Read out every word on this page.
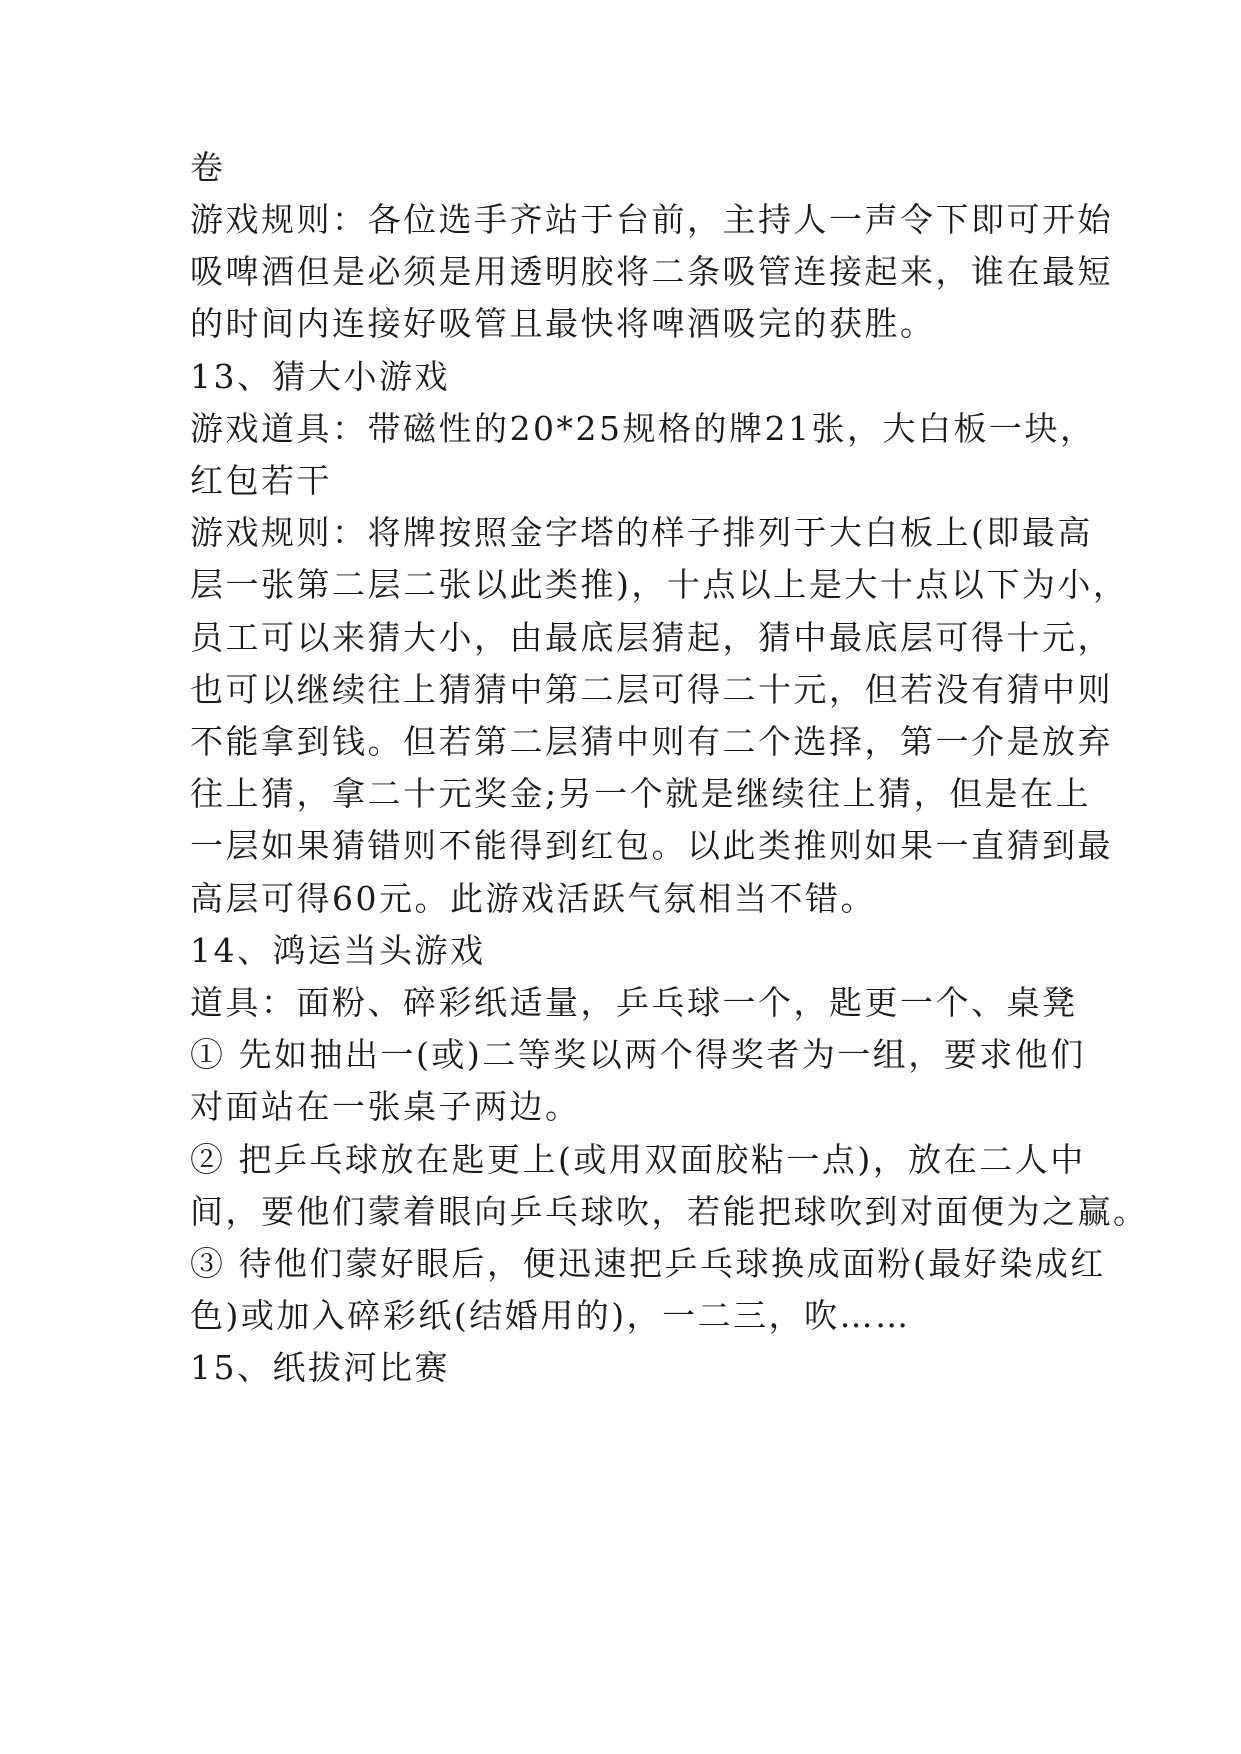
卷
游戏规则：各位选手齐站于台前，主持人一声令下即可开始
吸啤酒但是必须是用透明胶将二条吸管连接起来，谁在最短
的时间内连接好吸管且最快将啤酒吸完的获胜。
13、猜大小游戏
游戏道具：带磁性的20*25规格的牌21张，大白板一块，
红包若干
游戏规则：将牌按照金字塔的样子排列于大白板上(即最高
层一张第二层二张以此类推)，十点以上是大十点以下为小，
员工可以来猜大小，由最底层猜起，猜中最底层可得十元，
也可以继续往上猜猜中第二层可得二十元，但若没有猜中则
不能拿到钱。但若第二层猜中则有二个选择，第一介是放弃
往上猜，拿二十元奖金;另一个就是继续往上猜，但是在上
一层如果猜错则不能得到红包。以此类推则如果一直猜到最
高层可得60元。此游戏活跃气氛相当不错。
14、鸿运当头游戏
道具：面粉、碎彩纸适量，乒乓球一个，匙更一个、桌凳
① 先如抽出一(或)二等奖以两个得奖者为一组，要求他们
对面站在一张桌子两边。
② 把乒乓球放在匙更上(或用双面胶粘一点)，放在二人中
间，要他们蒙着眼向乒乓球吹，若能把球吹到对面便为之赢。
③ 待他们蒙好眼后，便迅速把乒乓球换成面粉(最好染成红
色)或加入碎彩纸(结婚用的)，一二三，吹……
15、纸拔河比赛
